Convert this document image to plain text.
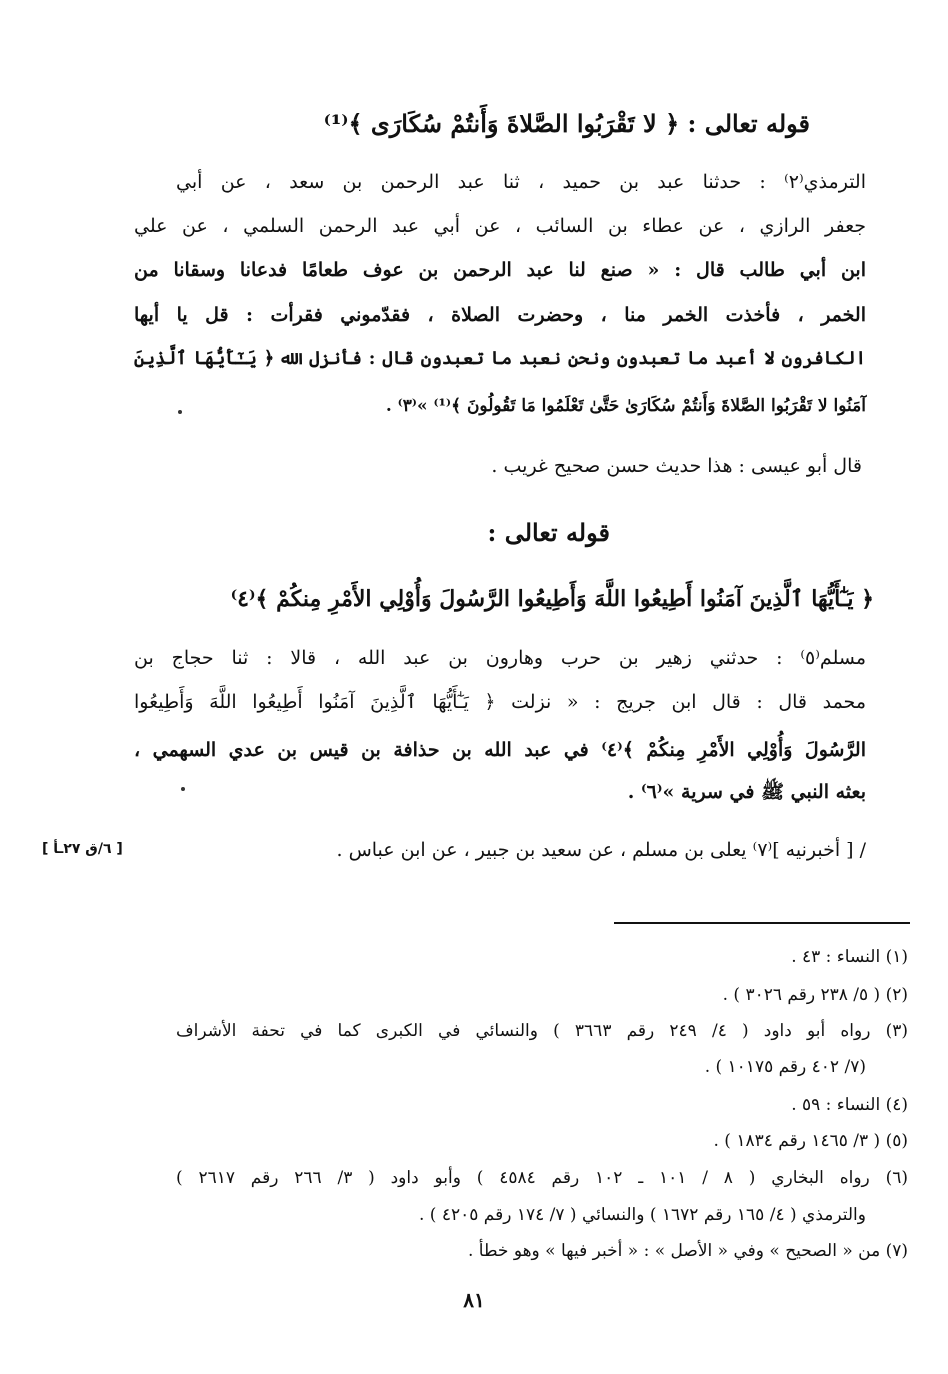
قوله تعالى : ﴿ لا تَقْرَبُوا الصَّلاةَ وَأَنتُمْ سُكَارَى ﴾⁽¹⁾
الترمذي⁽٢⁾ : حدثنا عبد بن حميد ، ثنا عبد الرحمن بن سعد ، عن أبي
جعفر الرازي ، عن عطاء بن السائب ، عن أبي عبد الرحمن السلمي ، عن علي
ابن أبي طالب قال : « صنع لنا عبد الرحمن بن عوف طعامًا فدعانا وسقانا من
الخمر ، فأخذت الخمر منا ، وحضرت الصلاة ، فقدّموني فقرأت : قل يا أيها
الكافرون لا أعبد ما تعبدون ونحن نعبد ما تعبدون قال : فأنزل الله ﴿ يَـٰٓأَيُّهَا ٱلَّذِينَ
آمَنُوا لا تَقْرَبُوا الصَّلاةَ وَأَنتُمْ سُكَارَىٰ حَتَّىٰ تَعْلَمُوا مَا تَقُولُونَ ﴾⁽¹⁾ »⁽٣⁾ .
قال أبو عيسى : هذا حديث حسن صحيح غريب .
قوله تعالى :
﴿ يَـٰٓأَيُّهَا ٱلَّذِينَ آمَنُوا أَطِيعُوا اللَّهَ وَأَطِيعُوا الرَّسُولَ وَأُوْلِي الأَمْرِ مِنكُمْ ﴾⁽٤⁾
مسلم⁽٥⁾ : حدثني زهير بن حرب وهارون بن عبد الله ، قالا : ثنا حجاج بن
محمد قال : قال ابن جريج : « نزلت ﴿ يَـٰٓأَيُّهَا ٱلَّذِينَ آمَنُوا أَطِيعُوا اللَّهَ وَأَطِيعُوا
الرَّسُولَ وَأُوْلِي الأَمْرِ مِنكُمْ ﴾⁽٤⁾ في عبد الله بن حذافة بن قيس بن عدي السهمي ،
بعثه النبي ﷺ في سرية »⁽٦⁾ .
/ [ أخبرنيه ]⁽٧⁾ يعلى بن مسلم ، عن سعيد بن جبير ، عن ابن عباس .
[ ٦/ق ٢٧ـأ ]
(١) النساء : ٤٣ .
(٢) ( ٥/ ٢٣٨ رقم ٣٠٢٦ ) .
(٣) رواه أبو داود ( ٤/ ٢٤٩ رقم ٣٦٦٣ ) والنسائي في الكبرى كما في تحفة الأشراف
(٧/ ٤٠٢ رقم ١٠١٧٥ ) .
(٤) النساء : ٥٩ .
(٥) ( ٣/ ١٤٦٥ رقم ١٨٣٤ ) .
(٦) رواه البخاري ( ٨ / ١٠١ ـ ١٠٢ رقم ٤٥٨٤ ) وأبو داود ( ٣/ ٢٦٦ رقم ٢٦١٧ )
والترمذي ( ٤/ ١٦٥ رقم ١٦٧٢ ) والنسائي ( ٧/ ١٧٤ رقم ٤٢٠٥ ) .
(٧) من « الصحيح » وفي « الأصل » : « أخبر فيها » وهو خطأ .
٨١
